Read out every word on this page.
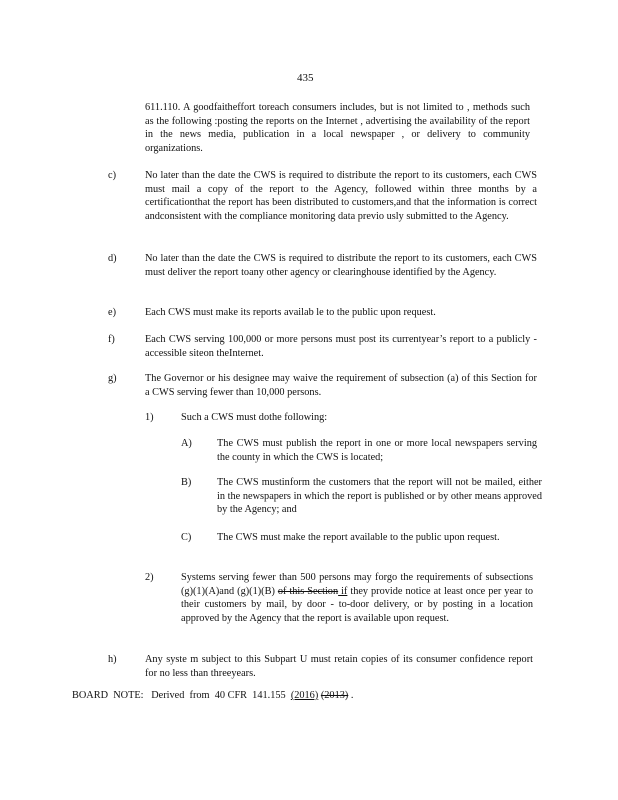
435
611.110. A goodfaitheffort toreach consumers includes, but is not limited to , methods such as the following :posting the reports on the Internet , advertising the availability of the report in the news media, publication in a local newspaper , or delivery to community organizations.
c)	No later than the date the CWS is required to distribute the report to its customers, each CWS must mail a copy of the report to the Agency, followed within three months by a certificationthat the report has been distributed to customers,and that the information is correct andconsistent with the compliance monitoring data previo usly submitted to the Agency.
d)	No later than the date the CWS is required to distribute the report to its customers, each CWS must deliver the report toany other agency or clearinghouse identified by the Agency.
e)	Each CWS must make its reports availab le to the public upon request.
f)	Each CWS serving 100,000 or more persons must post its currentyear’s report to a publicly -accessible siteon theInternet.
g)	The Governor or his designee may waive the requirement of subsection (a) of this Section for a CWS serving fewer than 10,000 persons.
1)	Such a CWS must dothe following:
A) The CWS must publish the report in one or more local newspapers serving the county in which the CWS is located;
B) The CWS mustinform the customers that the report will not be mailed, either in the newspapers in which the report is published or by other means approved by the Agency; and
C) The CWS must make the report available to the public upon request.
2)	Systems serving fewer than 500 persons may forgo the requirements of subsections (g)(1)(A)and (g)(1)(B) of this Section if they provide notice at least once per year to their customers by mail, by door - to-door delivery, or by posting in a location approved by the Agency that the report is available upon request.
h)	Any syste m subject to this Subpart U must retain copies of its consumer confidence report for no less than threeyears.
BOARD  NOTE:   Derived  from  40 CFR  141.155  (2016) (2013) .
